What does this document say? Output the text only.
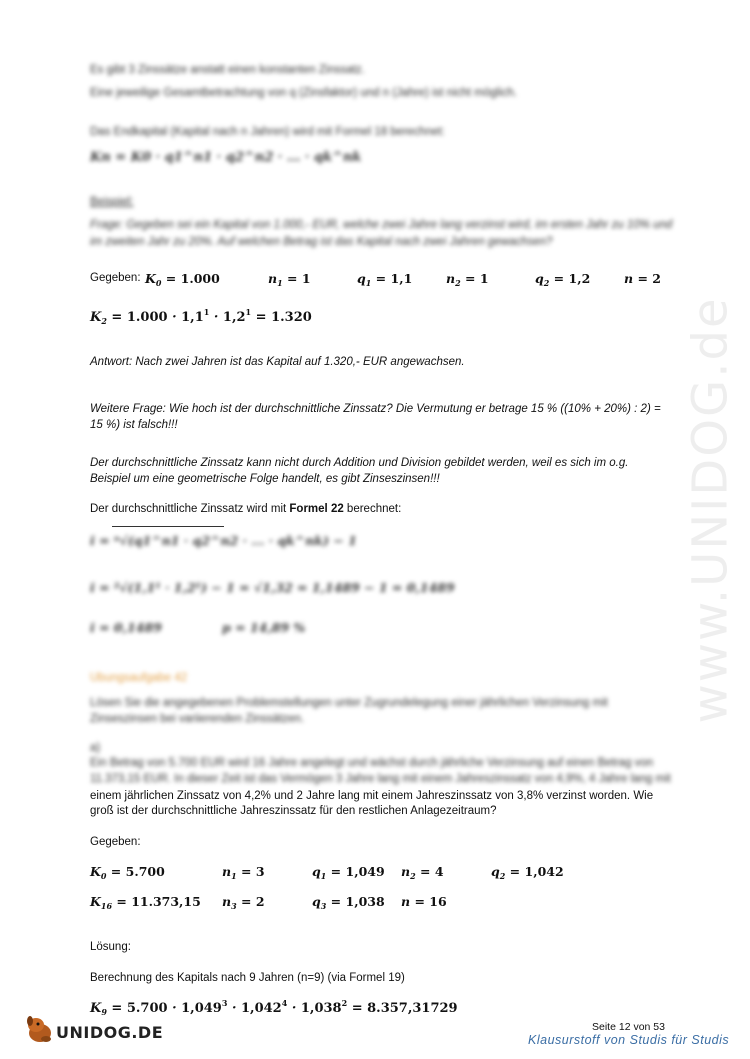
www.UNIDOG.de
Es gibt 3 Zinssätze anstatt einen konstanten Zinssatz.
Eine jeweilige Gesamtbetrachtung von q (Zinsfaktor) und n (Jahre) ist nicht möglich.
Das Endkapital (Kapital nach n Jahren) wird mit Formel 18 berechnet:
Kn = K0 · q1^n1 · q2^n2 · ... · qk^nk
Beispiel:
Frage: Gegeben sei ein Kapital von 1.000,- EUR, welche zwei Jahre lang verzinst wird, im ersten Jahr zu 10% und
im zweiten Jahr zu 20%. Auf welchen Betrag ist das Kapital nach zwei Jahren gewachsen?
Gegeben: $K_0 = 1.000$	$n_1 = 1$	$q_1 = 1,1$	$n_2 = 1$	$q_2 = 1,2$	n = 2
$K_2 = 1.000 \cdot 1,1^1 \cdot 1,2^1 = 1.320$
Antwort: Nach zwei Jahren ist das Kapital auf 1.320,- EUR angewachsen.
Weitere Frage: Wie hoch ist der durchschnittliche Zinssatz? Die Vermutung er betrage 15 % ((10% + 20%) : 2) =
15 %) ist falsch!!!
Der durchschnittliche Zinssatz kann nicht durch Addition und Division gebildet werden, weil es sich im o.g.
Beispiel um eine geometrische Folge handelt, es gibt Zinseszinsen!!!
Der durchschnittliche Zinssatz wird mit Formel 22 berechnet:
i = ⁿ√(q1^n1 · q2^n2 · ... · qk^nk) − 1
i = ²√(1,1¹ · 1,2¹) − 1 = √1,32 = 1,1489 − 1 = 0,1489
i = 0,1489	p = 14,89 %
Übungsaufgabe 42
Lösen Sie die angegebenen Problemstellungen unter Zugrundelegung einer jährlichen Verzinsung mit
Zinseszinsen bei variierenden Zinssätzen.
a)
Ein Betrag von 5.700 EUR wird 16 Jahre angelegt und wächst durch jährliche Verzinsung auf einen Betrag von
11.373,15 EUR. In dieser Zeit ist das Vermögen 3 Jahre lang mit einem Jahreszinssatz von 4,9%, 4 Jahre lang mit
einem jährlichen Zinssatz von 4,2% und 2 Jahre lang mit einem Jahreszinssatz von 3,8% verzinst worden. Wie
groß ist der durchschnittliche Jahreszinssatz für den restlichen Anlagezeitraum?
Gegeben:
$K_0 = 5.700$	$n_1 = 3$	$q_1 = 1,049$ $n_2 = 4$	$q_2 = 1,042$
$K_{16} = 11.373,15$ $n_3 = 2$	$q_3 = 1,038$ n = 16
Lösung:
Berechnung des Kapitals nach 9 Jahren (n=9) (via Formel 19)
$K_9 = 5.700 \cdot 1,049^3 \cdot 1,042^4 \cdot 1,038^2 = 8.357,31729$
UNIDOG.DE	Seite 12 von 53
Klausurstoff von Studis für Studis
